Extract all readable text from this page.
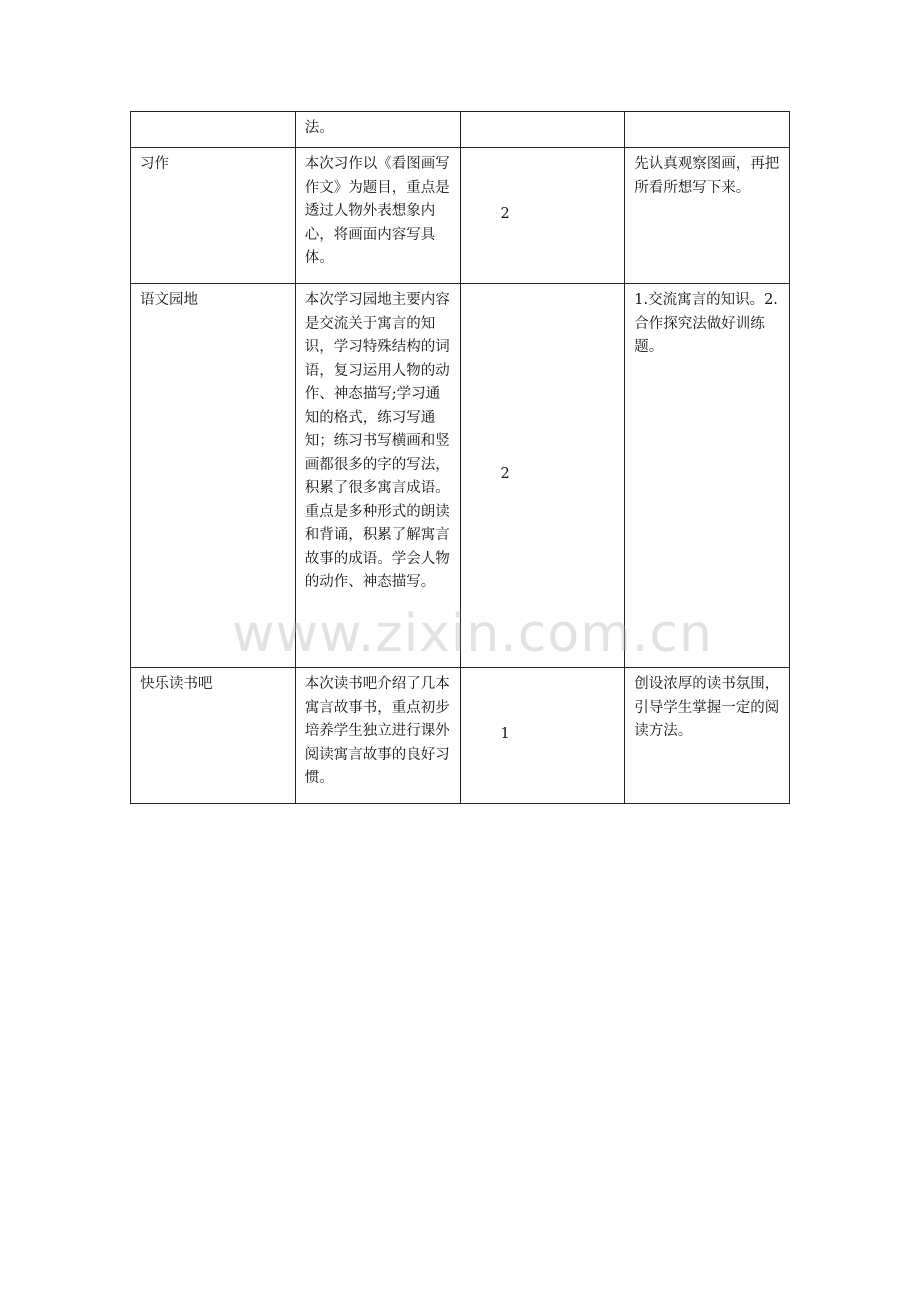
	法。		
习作	本次习作以《看图画写作文》为题目，重点是透过人物外表想象内心，将画面内容写具体。	2	先认真观察图画，再把所看所想写下来。
语文园地	本次学习园地主要内容是交流关于寓言的知识，学习特殊结构的词语，复习运用人物的动作、神态描写;学习通知的格式，练习写通知；练习书写横画和竖画都很多的字的写法，积累了很多寓言成语。重点是多种形式的朗读和背诵，积累了解寓言故事的成语。学会人物的动作、神态描写。	2	1.交流寓言的知识。2.合作探究法做好训练题。
快乐读书吧	本次读书吧介绍了几本寓言故事书，重点初步培养学生独立进行课外阅读寓言故事的良好习惯。	1	创设浓厚的读书氛围，引导学生掌握一定的阅读方法。
www.zixin.com.cn
